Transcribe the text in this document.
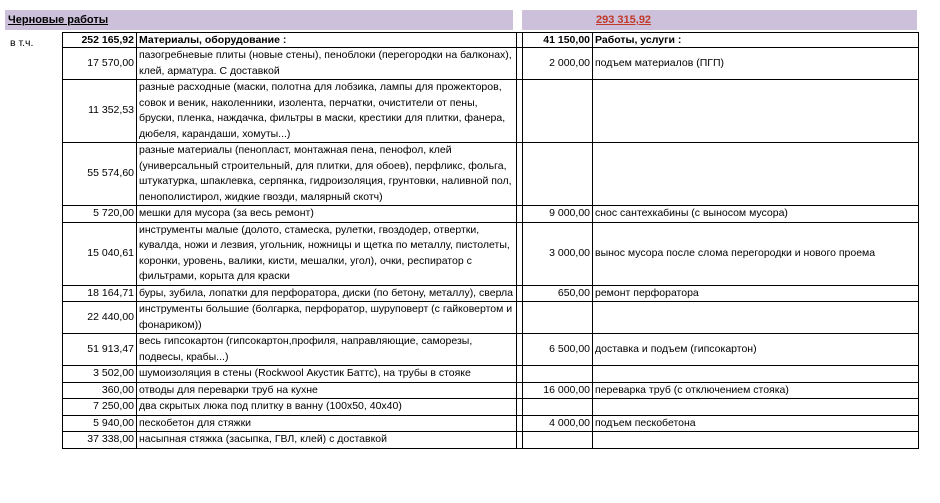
Черновые работы	293 315,92
в т.ч.	252 165,92	Материалы, оборудование :		41 150,00	Работы, услуги :
17 570,00	пазогребневые плиты (новые стены), пеноблоки (перегородки на балконах), клей, арматура. С доставкой		2 000,00	подъем материалов (ПГП)
11 352,53	разные расходные (маски, полотна для лобзика, лампы для прожекторов, совок и веник, наколенники, изолента, перчатки, очистители от пены, бруски, пленка, наждачка, фильтры в маски, крестики для плитки, фанера, дюбеля, карандаши, хомуты...)			
55 574,60	разные материалы (пенопласт, монтажная пена, пенофол, клей (универсальный строительный, для плитки, для обоев), перфликс, фольга, штукатурка, шпаклевка, серпянка, гидроизоляция, грунтовки, наливной пол, пенополистирол, жидкие гвозди, малярный скотч)			
5 720,00	мешки для мусора (за весь ремонт)		9 000,00	снос сантехкабины (с выносом мусора)
15 040,61	инструменты малые (долото, стамеска, рулетки, гвоздодер, отвертки, кувалда, ножи и лезвия, угольник, ножницы и щетка по металлу, пистолеты, коронки, уровень, валики, кисти, мешалки, угол), очки, респиратор с фильтрами, корыта для краски		3 000,00	вынос мусора после слома перегородки и нового проема
18 164,71	буры, зубила, лопатки для перфоратора, диски (по бетону, металлу), сверла		650,00	ремонт перфоратора
22 440,00	инструменты большие (болгарка, перфоратор, шуруповерт (с гайковертом и фонариком))			
51 913,47	весь гипсокартон (гипсокартон,профиля, направляющие, саморезы, подвесы, крабы...)		6 500,00	доставка и подъем (гипсокартон)
3 502,00	шумоизоляция в стены (Rockwool Акустик Баттс), на трубы в стояке			
360,00	отводы для переварки труб на кухне		16 000,00	переварка труб (с отключением стояка)
7 250,00	два скрытых люка под плитку в ванну (100x50, 40x40)			
5 940,00	пескобетон для стяжки		4 000,00	подъем пескобетона
37 338,00	насыпная стяжка (засыпка, ГВЛ, клей) с доставкой			
